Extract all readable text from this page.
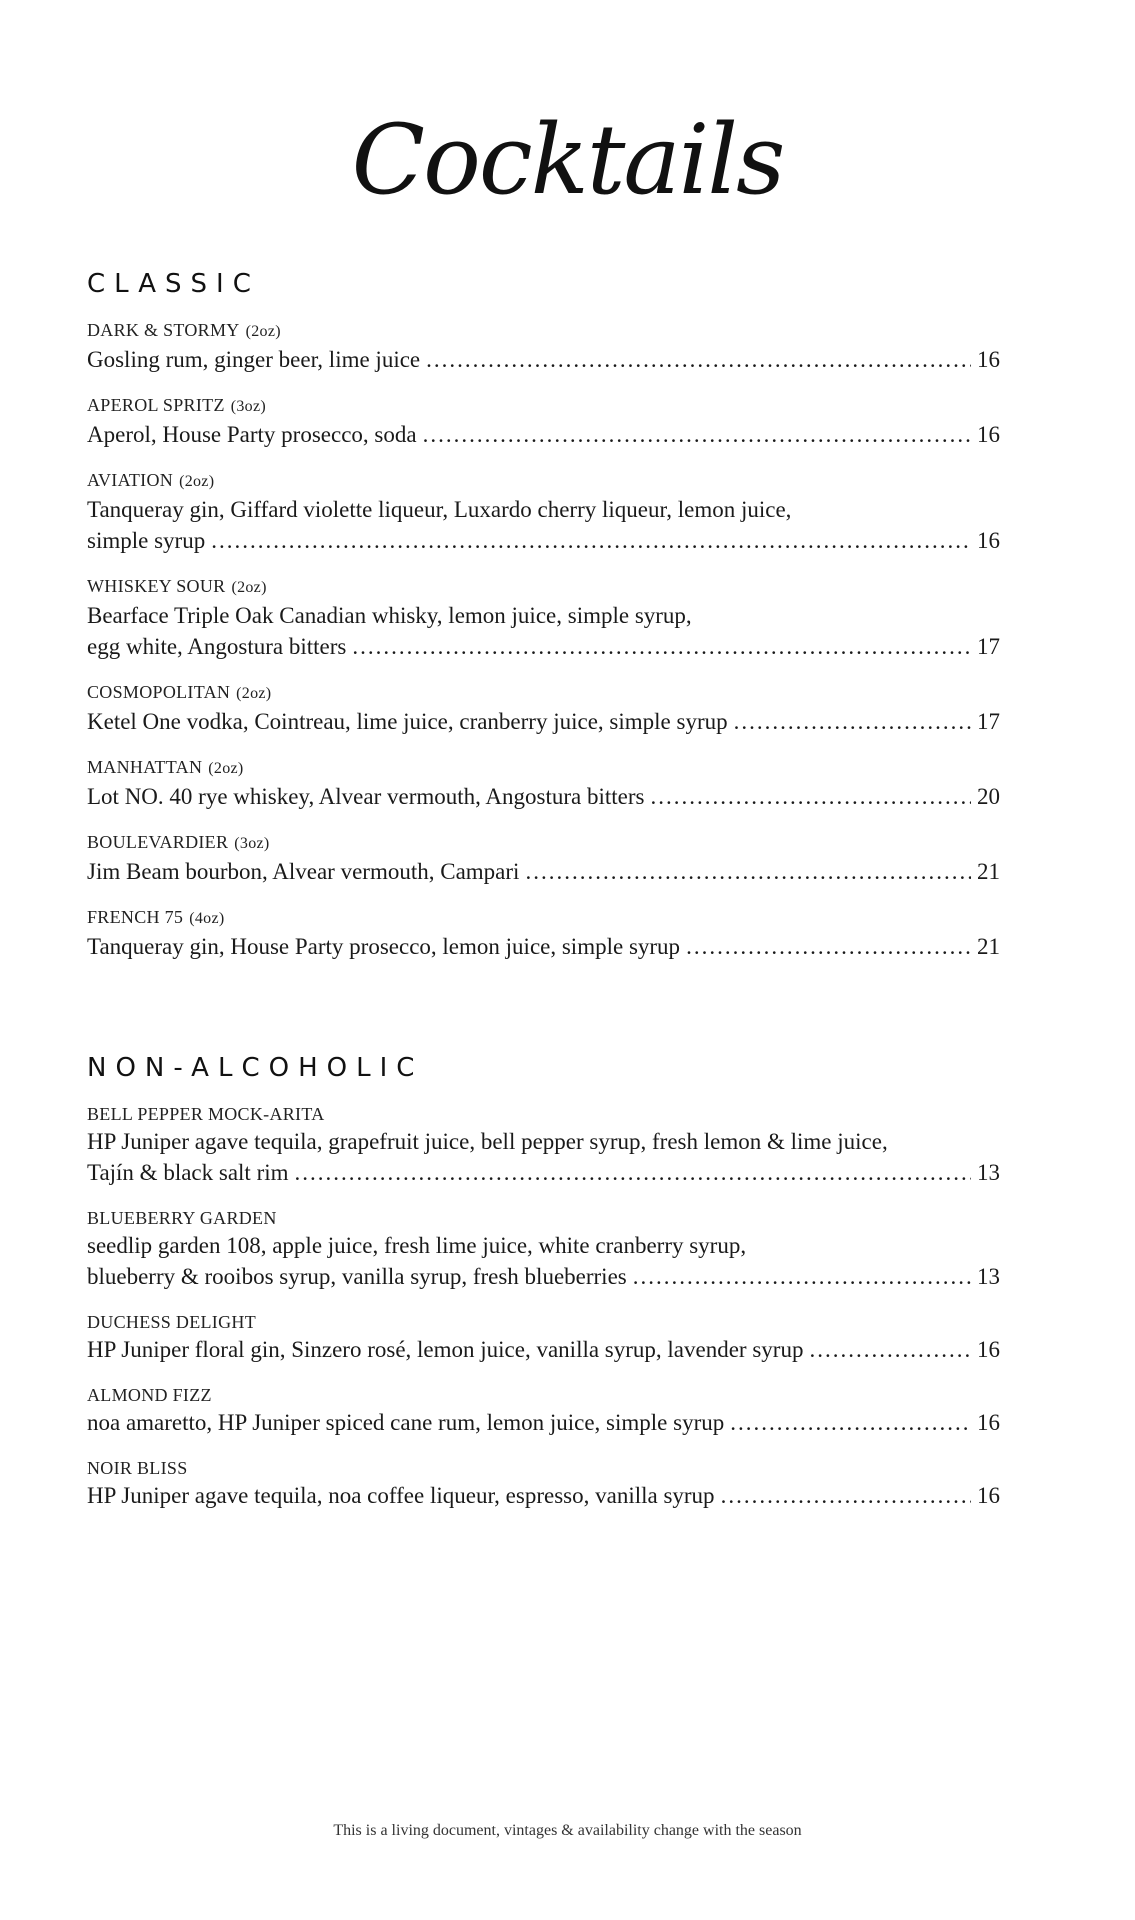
Cocktails
CLASSIC
DARK & STORMY (2oz)
Gosling rum, ginger beer, lime juice .....	16
APEROL SPRITZ (3oz)
Aperol, House Party prosecco, soda .....	16
AVIATION (2oz)
Tanqueray gin, Giffard violette liqueur, Luxardo cherry liqueur, lemon juice,
simple syrup .....	16
WHISKEY SOUR (2oz)
Bearface Triple Oak Canadian whisky, lemon juice, simple syrup,
egg white, Angostura bitters .....	17
COSMOPOLITAN (2oz)
Ketel One vodka, Cointreau, lime juice, cranberry juice, simple syrup .....	17
MANHATTAN (2oz)
Lot NO. 40 rye whiskey, Alvear vermouth, Angostura bitters .....	20
BOULEVARDIER (3oz)
Jim Beam bourbon, Alvear vermouth, Campari .....	21
FRENCH 75 (4oz)
Tanqueray gin, House Party prosecco, lemon juice, simple syrup .....	21
NON-ALCOHOLIC
BELL PEPPER MOCK-ARITA
HP Juniper agave tequila, grapefruit juice, bell pepper syrup, fresh lemon & lime juice,
Tajín & black salt rim .....	13
BLUEBERRY GARDEN
seedlip garden 108, apple juice, fresh lime juice, white cranberry syrup,
blueberry & rooibos syrup, vanilla syrup, fresh blueberries .....	13
DUCHESS DELIGHT
HP Juniper floral gin, Sinzero rosé, lemon juice, vanilla syrup, lavender syrup .....	16
ALMOND FIZZ
noa amaretto, HP Juniper spiced cane rum, lemon juice, simple syrup .....	16
NOIR BLISS
HP Juniper agave tequila, noa coffee liqueur, espresso, vanilla syrup .....	16
This is a living document, vintages & availability change with the season
